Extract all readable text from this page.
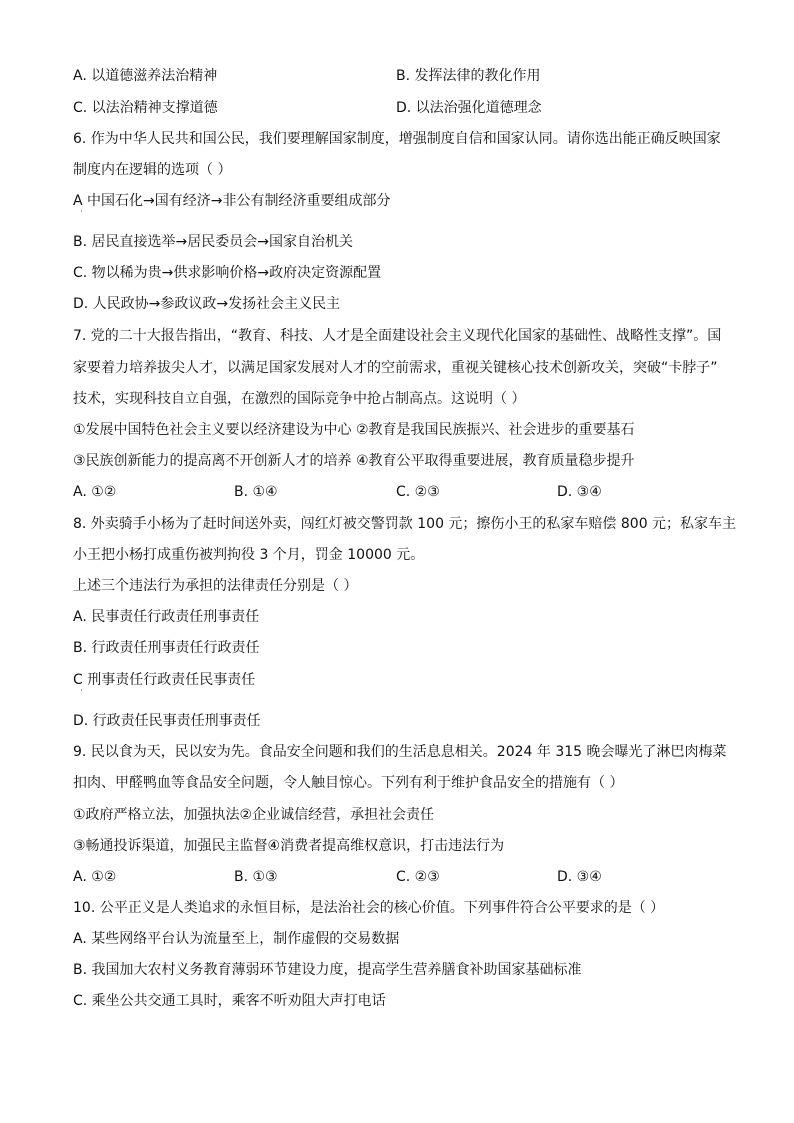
A. 以道德滋养法治精神	B. 发挥法律的教化作用
C. 以法治精神支撑道德	D. 以法治强化道德理念
6. 作为中华人民共和国公民，我们要理解国家制度，增强制度自信和国家认同。请你选出能正确反映国家
制度内在逻辑的选项（ ）
A 中国石化→国有经济→非公有制经济重要组成部分
·
B. 居民直接选举→居民委员会→国家自治机关
C. 物以稀为贵→供求影响价格→政府决定资源配置
D. 人民政协→参政议政→发扬社会主义民主
7. 党的二十大报告指出，“教育、科技、人才是全面建设社会主义现代化国家的基础性、战略性支撑”。国
家要着力培养拔尖人才，以满足国家发展对人才的空前需求，重视关键核心技术创新攻关，突破“卡脖子”
技术，实现科技自立自强，在激烈的国际竞争中抢占制高点。这说明（ ）
①发展中国特色社会主义要以经济建设为中心 ②教育是我国民族振兴、社会进步的重要基石
③民族创新能力的提高离不开创新人才的培养 ④教育公平取得重要进展，教育质量稳步提升
A. ①②	B. ①④	C. ②③	D. ③④
8. 外卖骑手小杨为了赶时间送外卖，闯红灯被交警罚款 100 元；擦伤小王的私家车赔偿 800 元；私家车主
小王把小杨打成重伤被判拘役 3 个月，罚金 10000 元。
上述三个违法行为承担的法律责任分别是（ ）
A. 民事责任行政责任刑事责任
B. 行政责任刑事责任行政责任
C 刑事责任行政责任民事责任
·
D. 行政责任民事责任刑事责任
9. 民以食为天，民以安为先。食品安全问题和我们的生活息息相关。2024 年 315 晚会曝光了淋巴肉梅菜
扣肉、甲醛鸭血等食品安全问题，令人触目惊心。下列有利于维护食品安全的措施有（ ）
①政府严格立法，加强执法②企业诚信经营，承担社会责任
③畅通投诉渠道，加强民主监督④消费者提高维权意识，打击违法行为
A. ①②	B. ①③	C. ②③	D. ③④
10. 公平正义是人类追求的永恒目标，是法治社会的核心价值。下列事件符合公平要求的是（ ）
A. 某些网络平台认为流量至上，制作虚假的交易数据
B. 我国加大农村义务教育薄弱环节建设力度，提高学生营养膳食补助国家基础标准
C. 乘坐公共交通工具时，乘客不听劝阻大声打电话
